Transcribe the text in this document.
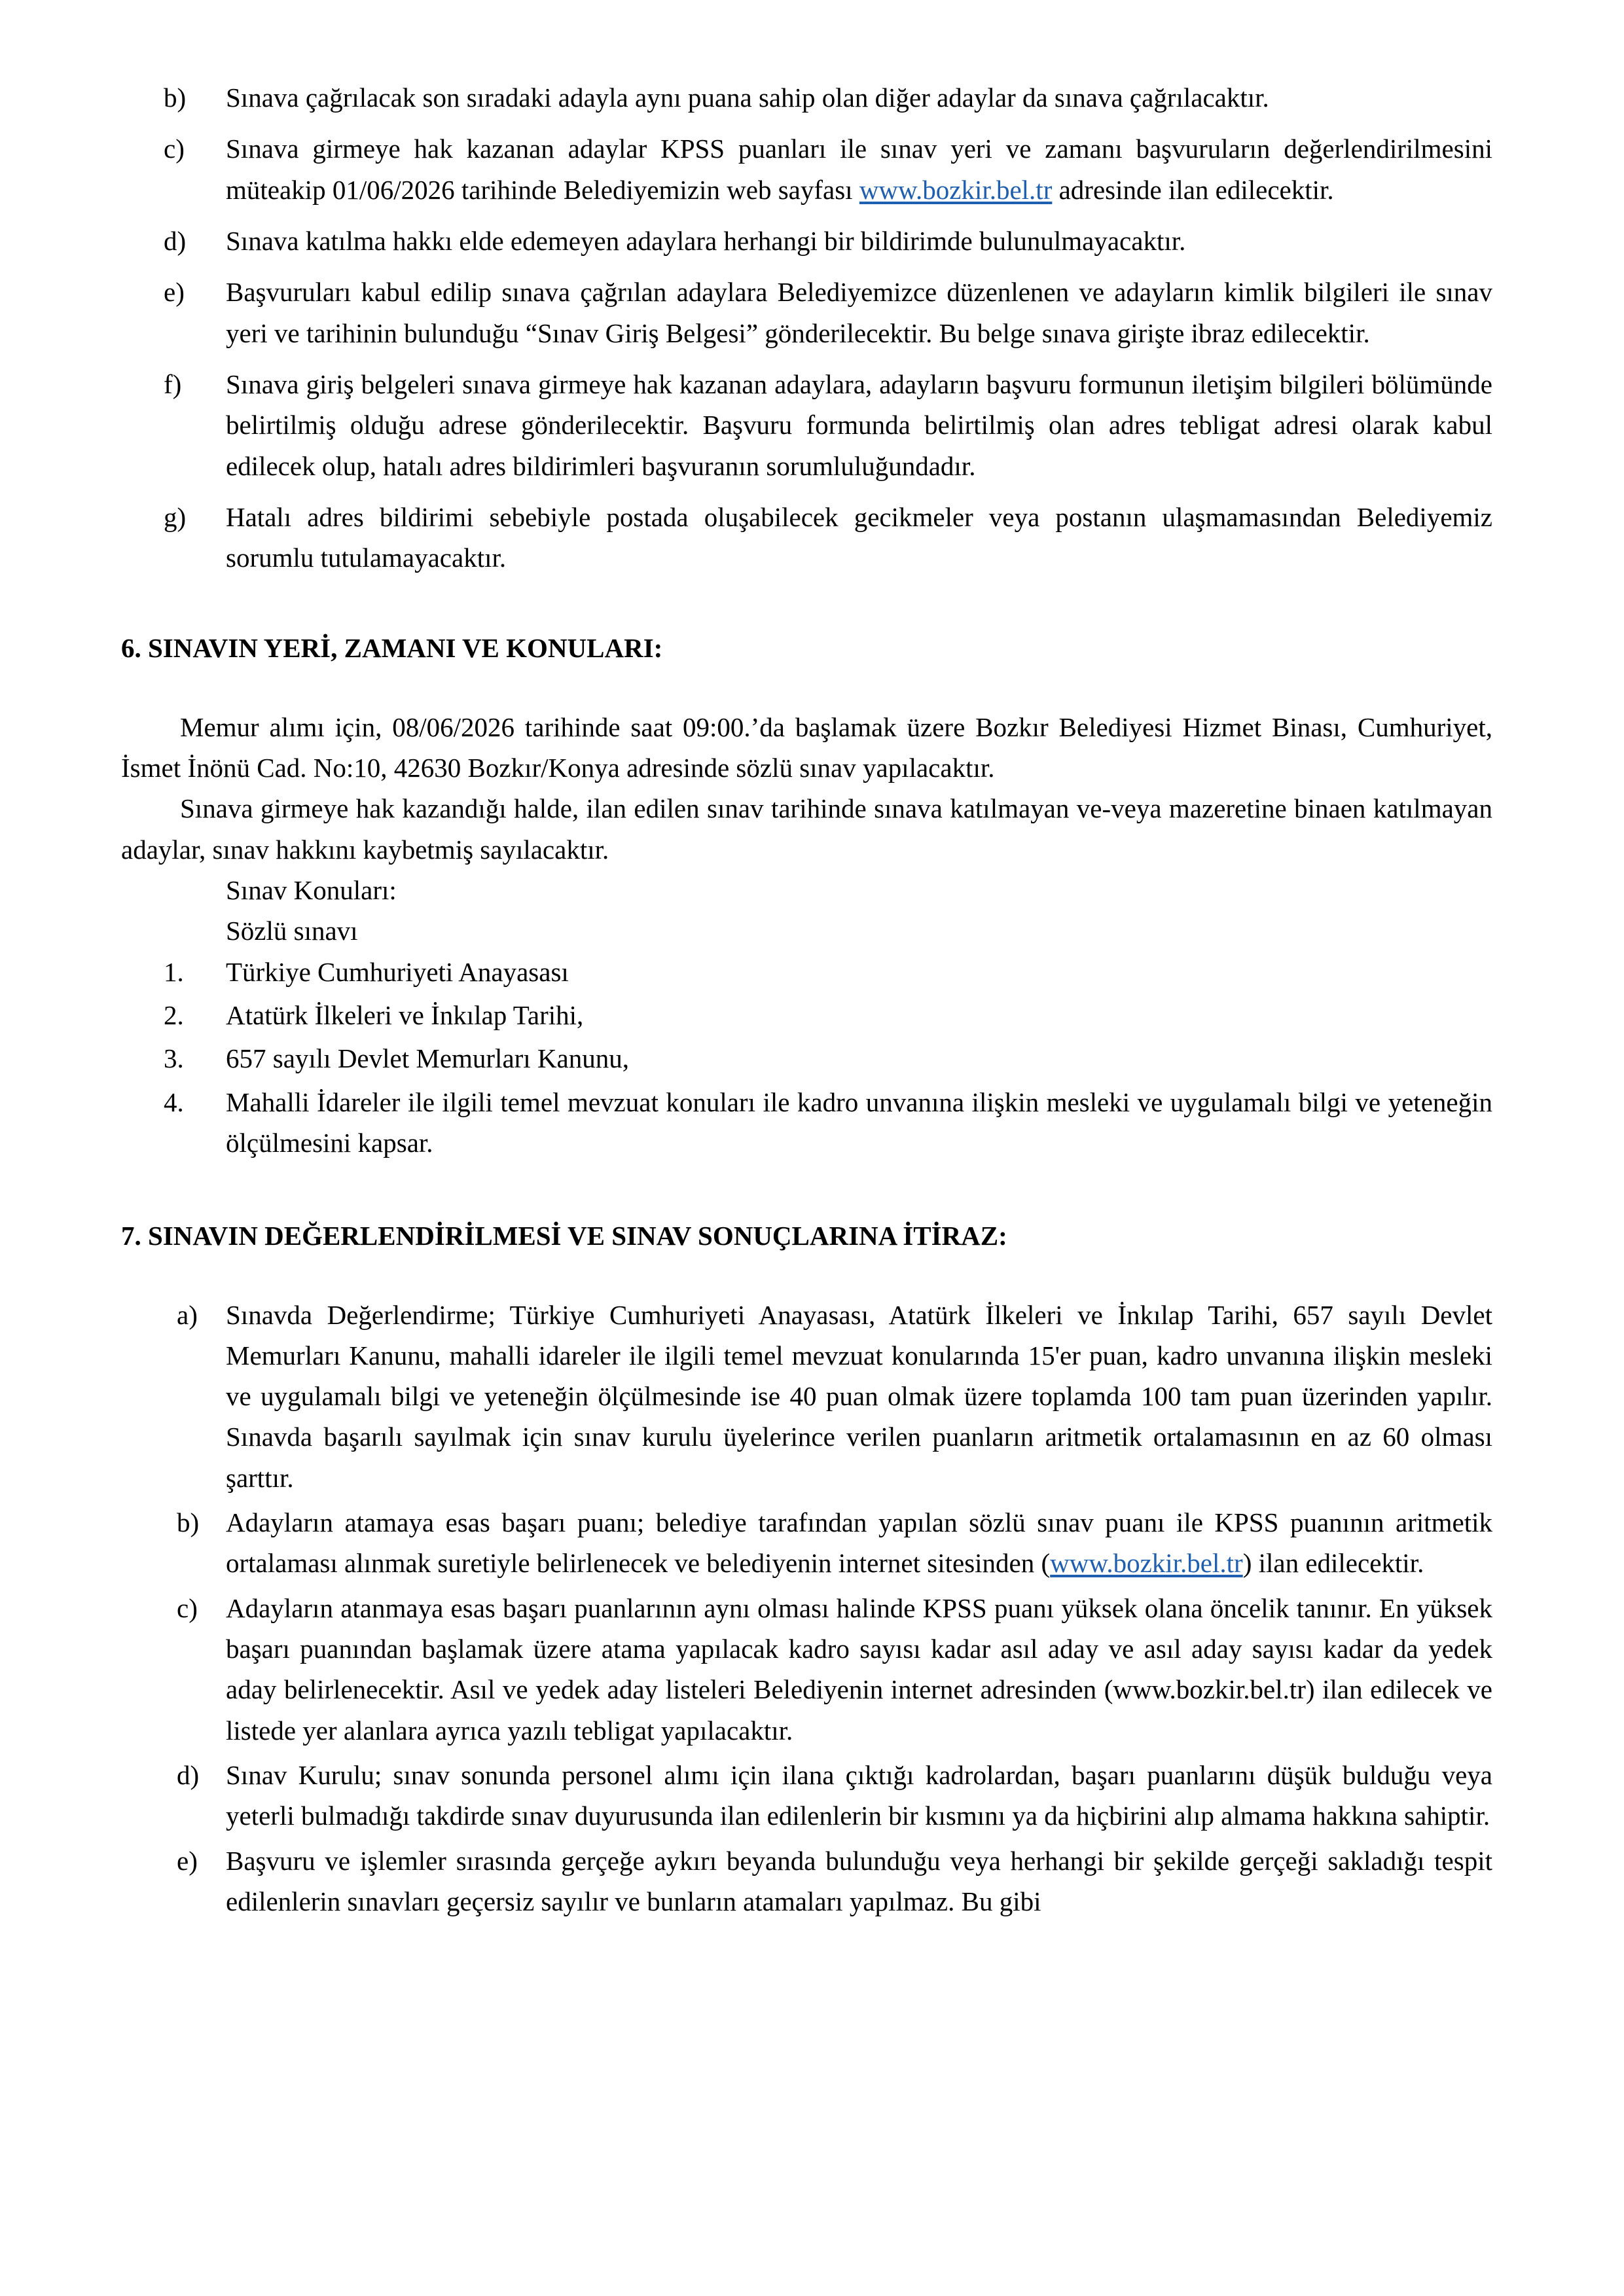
b)	Sınava çağrılacak son sıradaki adayla aynı puana sahip olan diğer adaylar da sınava çağrılacaktır.
c)	Sınava girmeye hak kazanan adaylar KPSS puanları ile sınav yeri ve zamanı başvuruların değerlendirilmesini müteakip 01/06/2026 tarihinde Belediyemizin web sayfası www.bozkir.bel.tr adresinde ilan edilecektir.
d)	Sınava katılma hakkı elde edemeyen adaylara herhangi bir bildirimde bulunulmayacaktır.
e)	Başvuruları kabul edilip sınava çağrılan adaylara Belediyemizce düzenlenen ve adayların kimlik bilgileri ile sınav yeri ve tarihinin bulunduğu “Sınav Giriş Belgesi” gönderilecektir. Bu belge sınava girişte ibraz edilecektir.
f)	Sınava giriş belgeleri sınava girmeye hak kazanan adaylara, adayların başvuru formunun iletişim bilgileri bölümünde belirtilmiş olduğu adrese gönderilecektir. Başvuru formunda belirtilmiş olan adres tebligat adresi olarak kabul edilecek olup, hatalı adres bildirimleri başvuranın sorumluluğundadır.
g)	Hatalı adres bildirimi sebebiyle postada oluşabilecek gecikmeler veya postanın ulaşmamasından Belediyemiz sorumlu tutulamayacaktır.
6. SINAVIN YERİ, ZAMANI VE KONULARI:

Memur alımı için, 08/06/2026 tarihinde saat 09:00.’da başlamak üzere Bozkır Belediyesi Hizmet Binası, Cumhuriyet, İsmet İnönü Cad. No:10, 42630 Bozkır/Konya adresinde sözlü sınav yapılacaktır.

Sınava girmeye hak kazandığı halde, ilan edilen sınav tarihinde sınava katılmayan ve-veya mazeretine binaen katılmayan adaylar, sınav hakkını kaybetmiş sayılacaktır.

Sınav Konuları:
Sözlü sınavı
1.	Türkiye Cumhuriyeti Anayasası
2.	Atatürk İlkeleri ve İnkılap Tarihi,
3.	657 sayılı Devlet Memurları Kanunu,
4.	Mahalli İdareler ile ilgili temel mevzuat konuları ile kadro unvanına ilişkin mesleki ve uygulamalı bilgi ve yeteneğin ölçülmesini kapsar.
7. SINAVIN DEĞERLENDİRİLMESİ VE SINAV SONUÇLARINA İTİRAZ:
a)	Sınavda Değerlendirme; Türkiye Cumhuriyeti Anayasası, Atatürk İlkeleri ve İnkılap Tarihi, 657 sayılı Devlet Memurları Kanunu, mahalli idareler ile ilgili temel mevzuat konularında 15'er puan, kadro unvanına ilişkin mesleki ve uygulamalı bilgi ve yeteneğin ölçülmesinde ise 40 puan olmak üzere toplamda 100 tam puan üzerinden yapılır. Sınavda başarılı sayılmak için sınav kurulu üyelerince verilen puanların aritmetik ortalamasının en az 60 olması şarttır.
b) Adayların atamaya esas başarı puanı; belediye tarafından yapılan sözlü sınav puanı ile KPSS puanının aritmetik ortalaması alınmak suretiyle belirlenecek ve belediyenin internet sitesinden (www.bozkir.bel.tr) ilan edilecektir.
c)	Adayların atanmaya esas başarı puanlarının aynı olması halinde KPSS puanı yüksek olana öncelik tanınır. En yüksek başarı puanından başlamak üzere atama yapılacak kadro sayısı kadar asıl aday ve asıl aday sayısı kadar da yedek aday belirlenecektir. Asıl ve yedek aday listeleri Belediyenin internet adresinden (www.bozkir.bel.tr) ilan edilecek ve listede yer alanlara ayrıca yazılı tebligat yapılacaktır.
d) Sınav Kurulu; sınav sonunda personel alımı için ilana çıktığı kadrolardan, başarı puanlarını düşük bulduğu veya yeterli bulmadığı takdirde sınav duyurusunda ilan edilenlerin bir kısmını ya da hiçbirini alıp almama hakkına sahiptir.
e)	Başvuru ve işlemler sırasında gerçeğe aykırı beyanda bulunduğu veya herhangi bir şekilde gerçeği sakladığı tespit edilenlerin sınavları geçersiz sayılır ve bunların atamaları yapılmaz. Bu gibi
